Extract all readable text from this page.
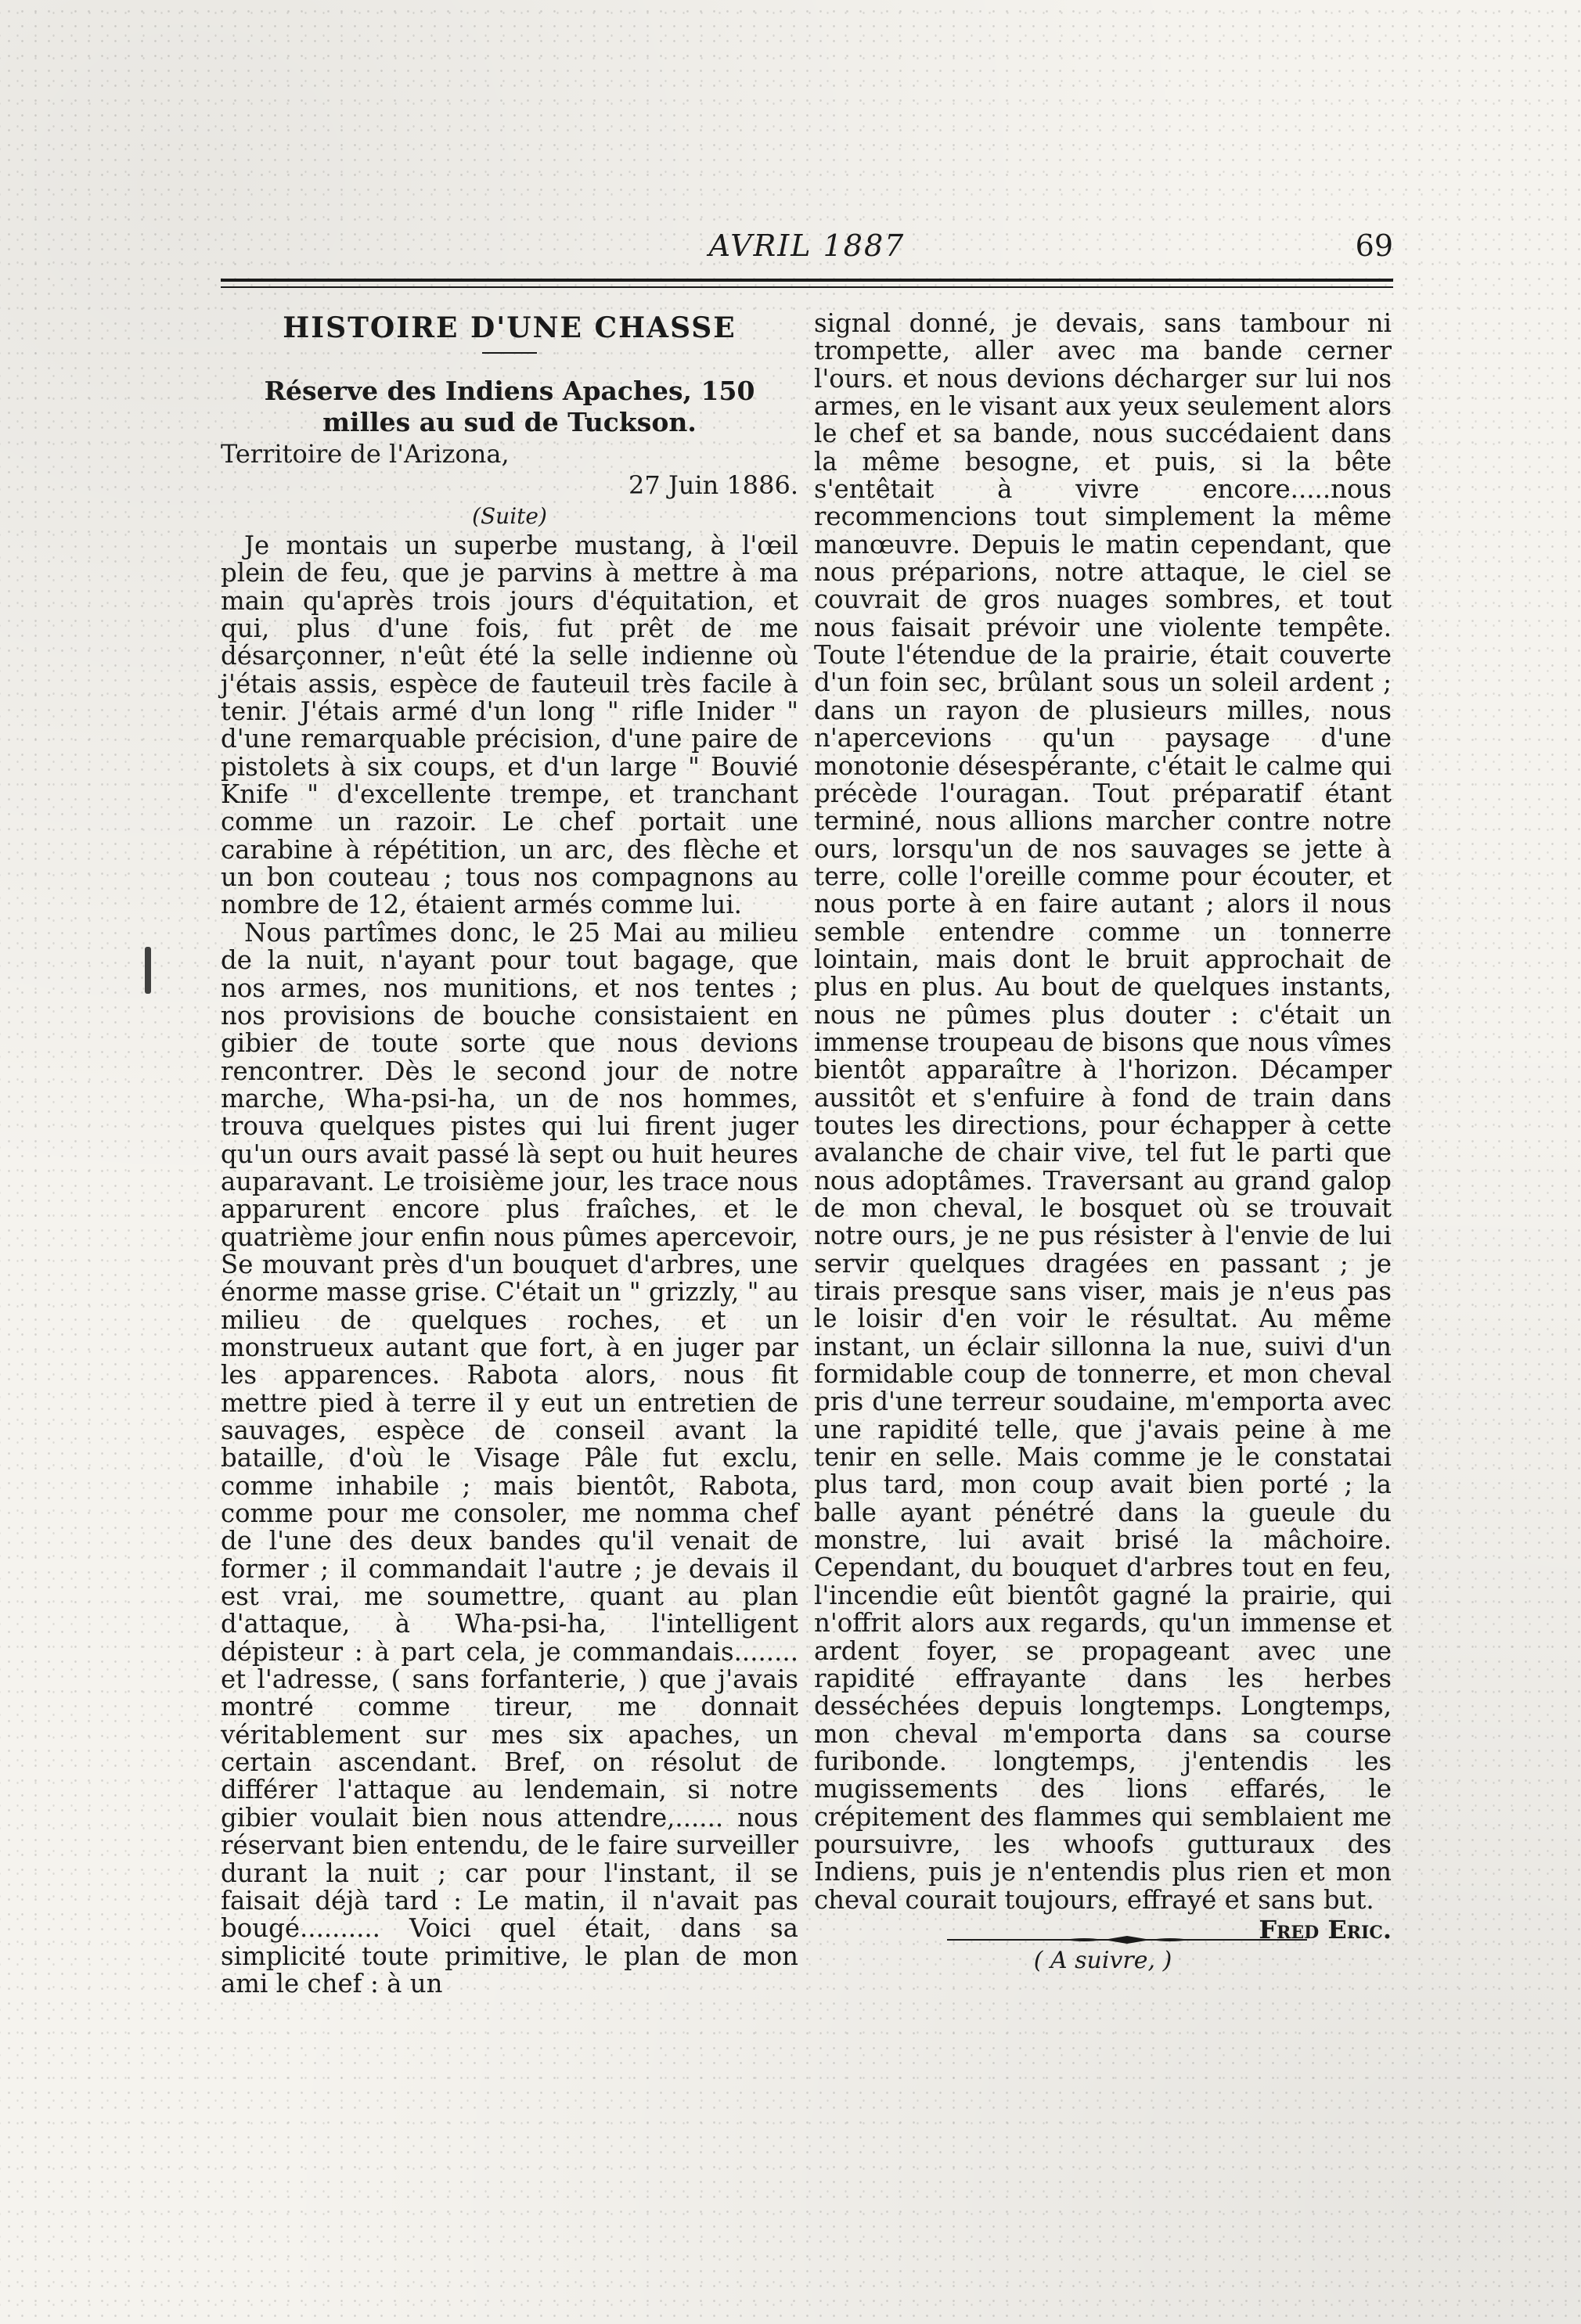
AVRIL 1887	69
HISTOIRE D'UNE CHASSE

Réserve des Indiens Apaches, 150 milles au sud de Tuckson.

Territoire de l'Arizona,

27 Juin 1886.

(Suite)

Je montais un superbe mustang, à l'œil plein de feu, que je parvins à mettre à ma main qu'après trois jours d'équitation, et qui, plus d'une fois, fut prêt de me désarçonner, n'eût été la selle indienne où j'étais assis, espèce de fauteuil très facile à tenir. J'étais armé d'un long " rifle Inider " d'une remarquable précision, d'une paire de pistolets à six coups, et d'un large " Bouvié Knife " d'excellente trempe, et tranchant comme un razoir. Le chef portait une carabine à répétition, un arc, des flèche et un bon couteau ; tous nos compagnons au nombre de 12, étaient armés comme lui.

Nous partîmes donc, le 25 Mai au milieu de la nuit, n'ayant pour tout bagage, que nos armes, nos munitions, et nos tentes ; nos provisions de bouche consistaient en gibier de toute sorte que nous devions rencontrer. Dès le second jour de notre marche, Wha-psi-ha, un de nos hommes, trouva quelques pistes qui lui firent juger qu'un ours avait passé là sept ou huit heures auparavant. Le troisième jour, les trace nous apparurent encore plus fraîches, et le quatrième jour enfin nous pûmes apercevoir, Se mouvant près d'un bouquet d'arbres, une énorme masse grise. C'était un " grizzly, " au milieu de quelques roches, et un monstrueux autant que fort, à en juger par les apparences. Rabota alors, nous fit mettre pied à terre il y eut un entretien de sauvages, espèce de conseil avant la bataille, d'où le Visage Pâle fut exclu, comme inhabile ; mais bientôt, Rabota, comme pour me consoler, me nomma chef de l'une des deux bandes qu'il venait de former ; il commandait l'autre ; je devais il est vrai, me soumettre, quant au plan d'attaque, à Wha-psi-ha, l'intelligent dépisteur : à part cela, je commandais........ et l'adresse, ( sans forfanterie, ) que j'avais montré comme tireur, me donnait véritablement sur mes six apaches, un certain ascendant. Bref, on résolut de différer l'attaque au lendemain, si notre gibier voulait bien nous attendre,...... nous réservant bien entendu, de le faire surveiller durant la nuit ; car pour l'instant, il se faisait déjà tard : Le matin, il n'avait pas bougé.......... Voici quel était, dans sa simplicité toute primitive, le plan de mon ami le chef : à un

signal donné, je devais, sans tambour ni trompette, aller avec ma bande cerner l'ours. et nous devions décharger sur lui nos armes, en le visant aux yeux seulement alors le chef et sa bande, nous succédaient dans la même besogne, et puis, si la bête s'entêtait à vivre encore.....nous recommencions tout simplement la même manœuvre. Depuis le matin cependant, que nous préparions, notre attaque, le ciel se couvrait de gros nuages sombres, et tout nous faisait prévoir une violente tempête. Toute l'étendue de la prairie, était couverte d'un foin sec, brûlant sous un soleil ardent ; dans un rayon de plusieurs milles, nous n'apercevions qu'un paysage d'une monotonie désespérante, c'était le calme qui précède l'ouragan. Tout préparatif étant terminé, nous allions marcher contre notre ours, lorsqu'un de nos sauvages se jette à terre, colle l'oreille comme pour écouter, et nous porte à en faire autant ; alors il nous semble entendre comme un tonnerre lointain, mais dont le bruit approchait de plus en plus. Au bout de quelques instants, nous ne pûmes plus douter : c'était un immense troupeau de bisons que nous vîmes bientôt apparaître à l'horizon. Décamper aussitôt et s'enfuire à fond de train dans toutes les directions, pour échapper à cette avalanche de chair vive, tel fut le parti que nous adoptâmes. Traversant au grand galop de mon cheval, le bosquet où se trouvait notre ours, je ne pus résister à l'envie de lui servir quelques dragées en passant ; je tirais presque sans viser, mais je n'eus pas le loisir d'en voir le résultat. Au même instant, un éclair sillonna la nue, suivi d'un formidable coup de tonnerre, et mon cheval pris d'une terreur soudaine, m'emporta avec une rapidité telle, que j'avais peine à me tenir en selle. Mais comme je le constatai plus tard, mon coup avait bien porté ; la balle ayant pénétré dans la gueule du monstre, lui avait brisé la mâchoire. Cependant, du bouquet d'arbres tout en feu, l'incendie eût bientôt gagné la prairie, qui n'offrit alors aux regards, qu'un immense et ardent foyer, se propageant avec une rapidité effrayante dans les herbes desséchées depuis longtemps. Longtemps, mon cheval m'emporta dans sa course furibonde. longtemps, j'entendis les mugissements des lions effarés, le crépitement des flammes qui semblaient me poursuivre, les whoofs gutturaux des Indiens, puis je n'entendis plus rien et mon cheval courait toujours, effrayé et sans but.

Fred Eric.

( A suivre, )
